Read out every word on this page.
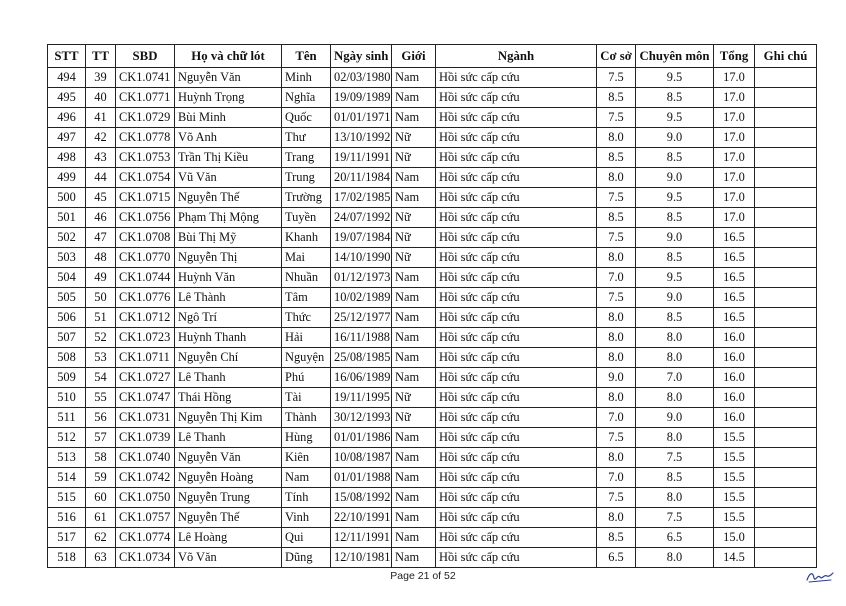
STT	TT	SBD	Họ và chữ lót	Tên	Ngày sinh	Giới	Ngành	Cơ sở	Chuyên môn	Tổng	Ghi chú
494	39	CK1.0741	Nguyễn Văn	Minh	02/03/1980	Nam	Hồi sức cấp cứu	7.5	9.5	17.0	
495	40	CK1.0771	Huỳnh Trọng	Nghĩa	19/09/1989	Nam	Hồi sức cấp cứu	8.5	8.5	17.0	
496	41	CK1.0729	Bùi Minh	Quốc	01/01/1971	Nam	Hồi sức cấp cứu	7.5	9.5	17.0	
497	42	CK1.0778	Võ Anh	Thư	13/10/1992	Nữ	Hồi sức cấp cứu	8.0	9.0	17.0	
498	43	CK1.0753	Trần Thị Kiều	Trang	19/11/1991	Nữ	Hồi sức cấp cứu	8.5	8.5	17.0	
499	44	CK1.0754	Vũ Văn	Trung	20/11/1984	Nam	Hồi sức cấp cứu	8.0	9.0	17.0	
500	45	CK1.0715	Nguyễn Thế	Trường	17/02/1985	Nam	Hồi sức cấp cứu	7.5	9.5	17.0	
501	46	CK1.0756	Phạm Thị Mộng	Tuyền	24/07/1992	Nữ	Hồi sức cấp cứu	8.5	8.5	17.0	
502	47	CK1.0708	Bùi Thị Mỹ	Khanh	19/07/1984	Nữ	Hồi sức cấp cứu	7.5	9.0	16.5	
503	48	CK1.0770	Nguyễn Thị	Mai	14/10/1990	Nữ	Hồi sức cấp cứu	8.0	8.5	16.5	
504	49	CK1.0744	Huỳnh Văn	Nhuần	01/12/1973	Nam	Hồi sức cấp cứu	7.0	9.5	16.5	
505	50	CK1.0776	Lê Thành	Tâm	10/02/1989	Nam	Hồi sức cấp cứu	7.5	9.0	16.5	
506	51	CK1.0712	Ngô Trí	Thức	25/12/1977	Nam	Hồi sức cấp cứu	8.0	8.5	16.5	
507	52	CK1.0723	Huỳnh Thanh	Hải	16/11/1988	Nam	Hồi sức cấp cứu	8.0	8.0	16.0	
508	53	CK1.0711	Nguyễn Chí	Nguyện	25/08/1985	Nam	Hồi sức cấp cứu	8.0	8.0	16.0	
509	54	CK1.0727	Lê Thanh	Phú	16/06/1989	Nam	Hồi sức cấp cứu	9.0	7.0	16.0	
510	55	CK1.0747	Thái Hồng	Tài	19/11/1995	Nữ	Hồi sức cấp cứu	8.0	8.0	16.0	
511	56	CK1.0731	Nguyễn Thị Kim	Thành	30/12/1993	Nữ	Hồi sức cấp cứu	7.0	9.0	16.0	
512	57	CK1.0739	Lê Thanh	Hùng	01/01/1986	Nam	Hồi sức cấp cứu	7.5	8.0	15.5	
513	58	CK1.0740	Nguyễn Văn	Kiên	10/08/1987	Nam	Hồi sức cấp cứu	8.0	7.5	15.5	
514	59	CK1.0742	Nguyễn Hoàng	Nam	01/01/1988	Nam	Hồi sức cấp cứu	7.0	8.5	15.5	
515	60	CK1.0750	Nguyễn Trung	Tính	15/08/1992	Nam	Hồi sức cấp cứu	7.5	8.0	15.5	
516	61	CK1.0757	Nguyễn Thế	Vinh	22/10/1991	Nam	Hồi sức cấp cứu	8.0	7.5	15.5	
517	62	CK1.0774	Lê Hoàng	Qui	12/11/1991	Nam	Hồi sức cấp cứu	8.5	6.5	15.0	
518	63	CK1.0734	Võ Văn	Dũng	12/10/1981	Nam	Hồi sức cấp cứu	6.5	8.0	14.5	
Page 21 of 52
